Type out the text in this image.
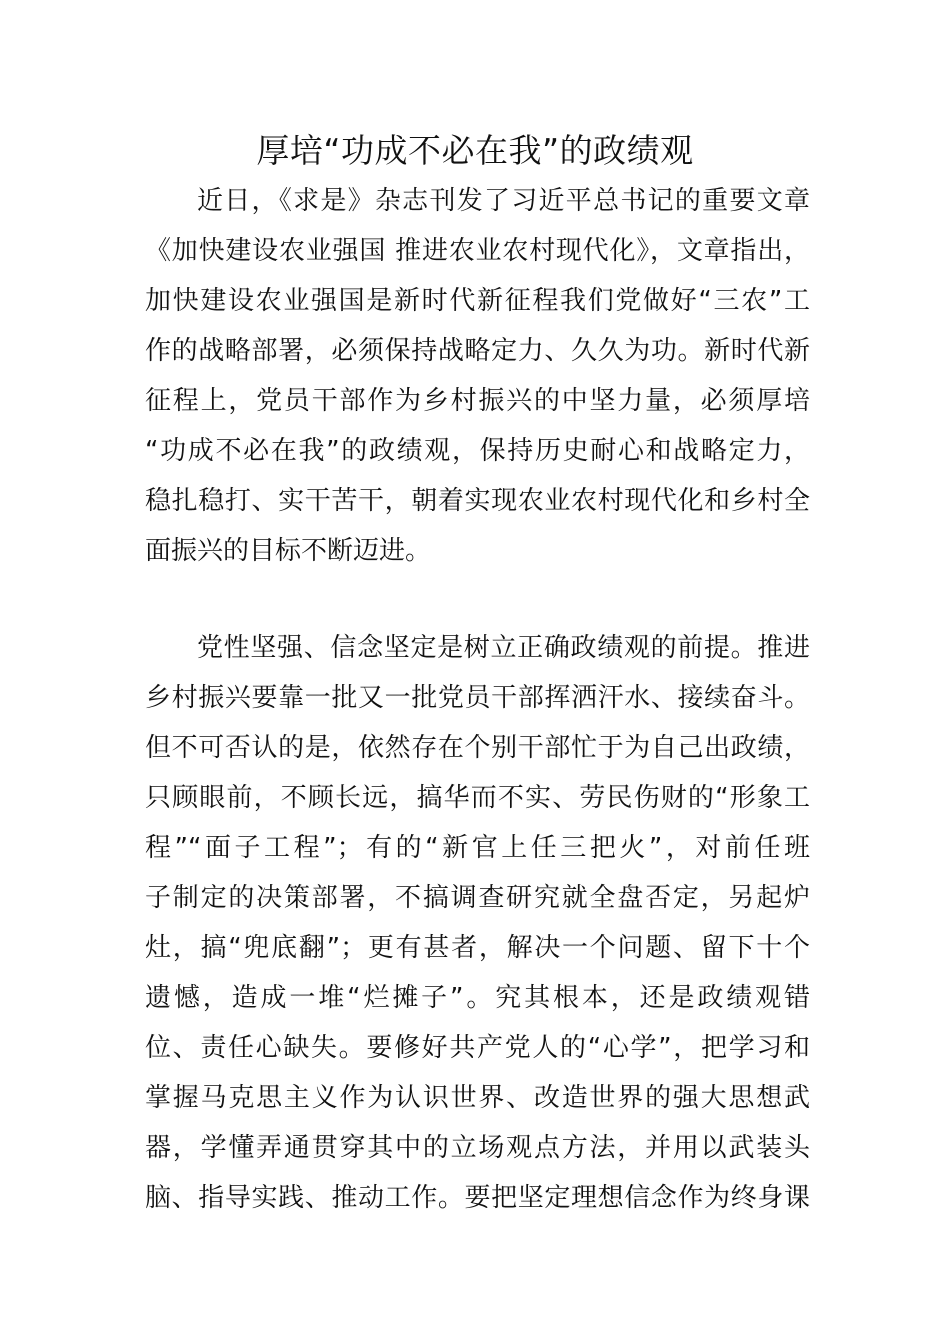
厚培“功成不必在我”的政绩观
近日，《求是》杂志刊发了习近平总书记的重要文章
《加快建设农业强国 推进农业农村现代化》，文章指出，
加快建设农业强国是新时代新征程我们党做好“三农”工
作的战略部署，必须保持战略定力、久久为功。新时代新
征程上，党员干部作为乡村振兴的中坚力量，必须厚培
“功成不必在我”的政绩观，保持历史耐心和战略定力，
稳扎稳打、实干苦干，朝着实现农业农村现代化和乡村全
面振兴的目标不断迈进。
党性坚强、信念坚定是树立正确政绩观的前提。推进
乡村振兴要靠一批又一批党员干部挥洒汗水、接续奋斗。
但不可否认的是，依然存在个别干部忙于为自己出政绩，
只顾眼前，不顾长远，搞华而不实、劳民伤财的“形象工
程”“面子工程”；有的“新官上任三把火”，对前任班
子制定的决策部署，不搞调查研究就全盘否定，另起炉
灶，搞“兜底翻”；更有甚者，解决一个问题、留下十个
遗憾，造成一堆“烂摊子”。究其根本，还是政绩观错
位、责任心缺失。要修好共产党人的“心学”，把学习和
掌握马克思主义作为认识世界、改造世界的强大思想武
器，学懂弄通贯穿其中的立场观点方法，并用以武装头
脑、指导实践、推动工作。要把坚定理想信念作为终身课
